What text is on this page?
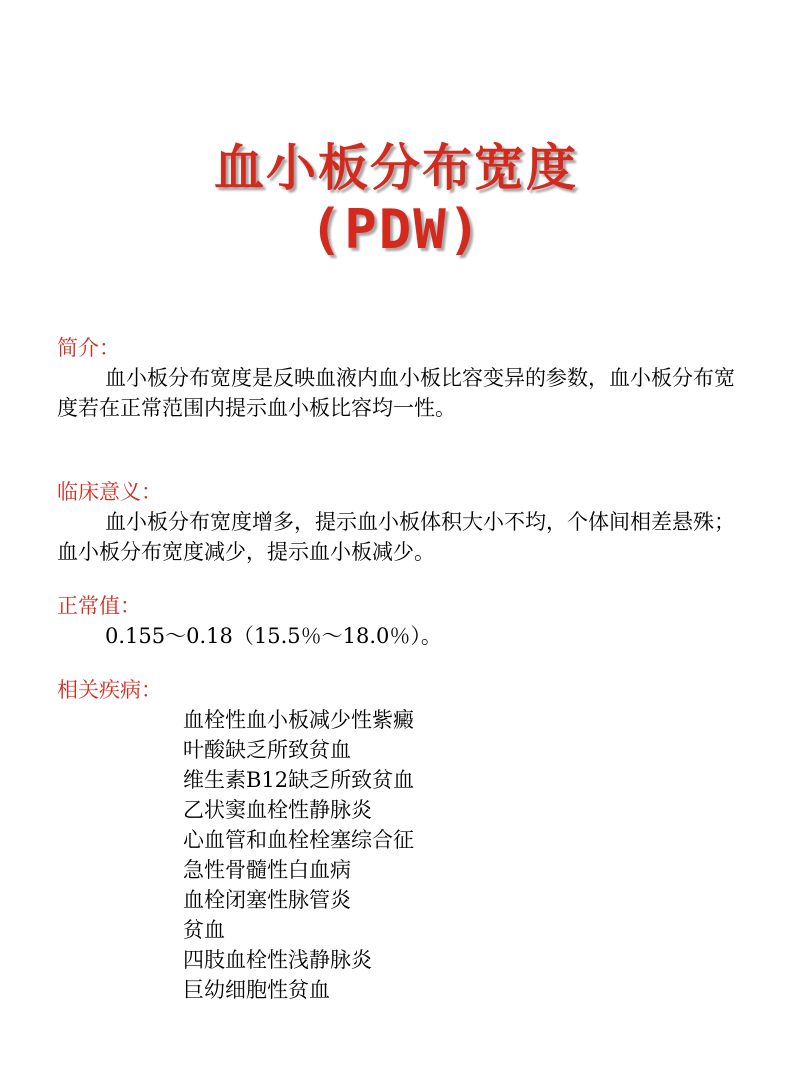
血小板分布宽度
(PDW)
简介：
血小板分布宽度是反映血液内血小板比容变异的参数，血小板分布宽度若在正常范围内提示血小板比容均一性。
临床意义：
血小板分布宽度增多，提示血小板体积大小不均，个体间相差悬殊； 血小板分布宽度减少，提示血小板减少。
正常值：
0.155～0.18（15.5％～18.0％）。
相关疾病：
血栓性血小板减少性紫癜
叶酸缺乏所致贫血
维生素B12缺乏所致贫血
乙状窦血栓性静脉炎
心血管和血栓栓塞综合征
急性骨髓性白血病
血栓闭塞性脉管炎
贫血
四肢血栓性浅静脉炎
巨幼细胞性贫血
